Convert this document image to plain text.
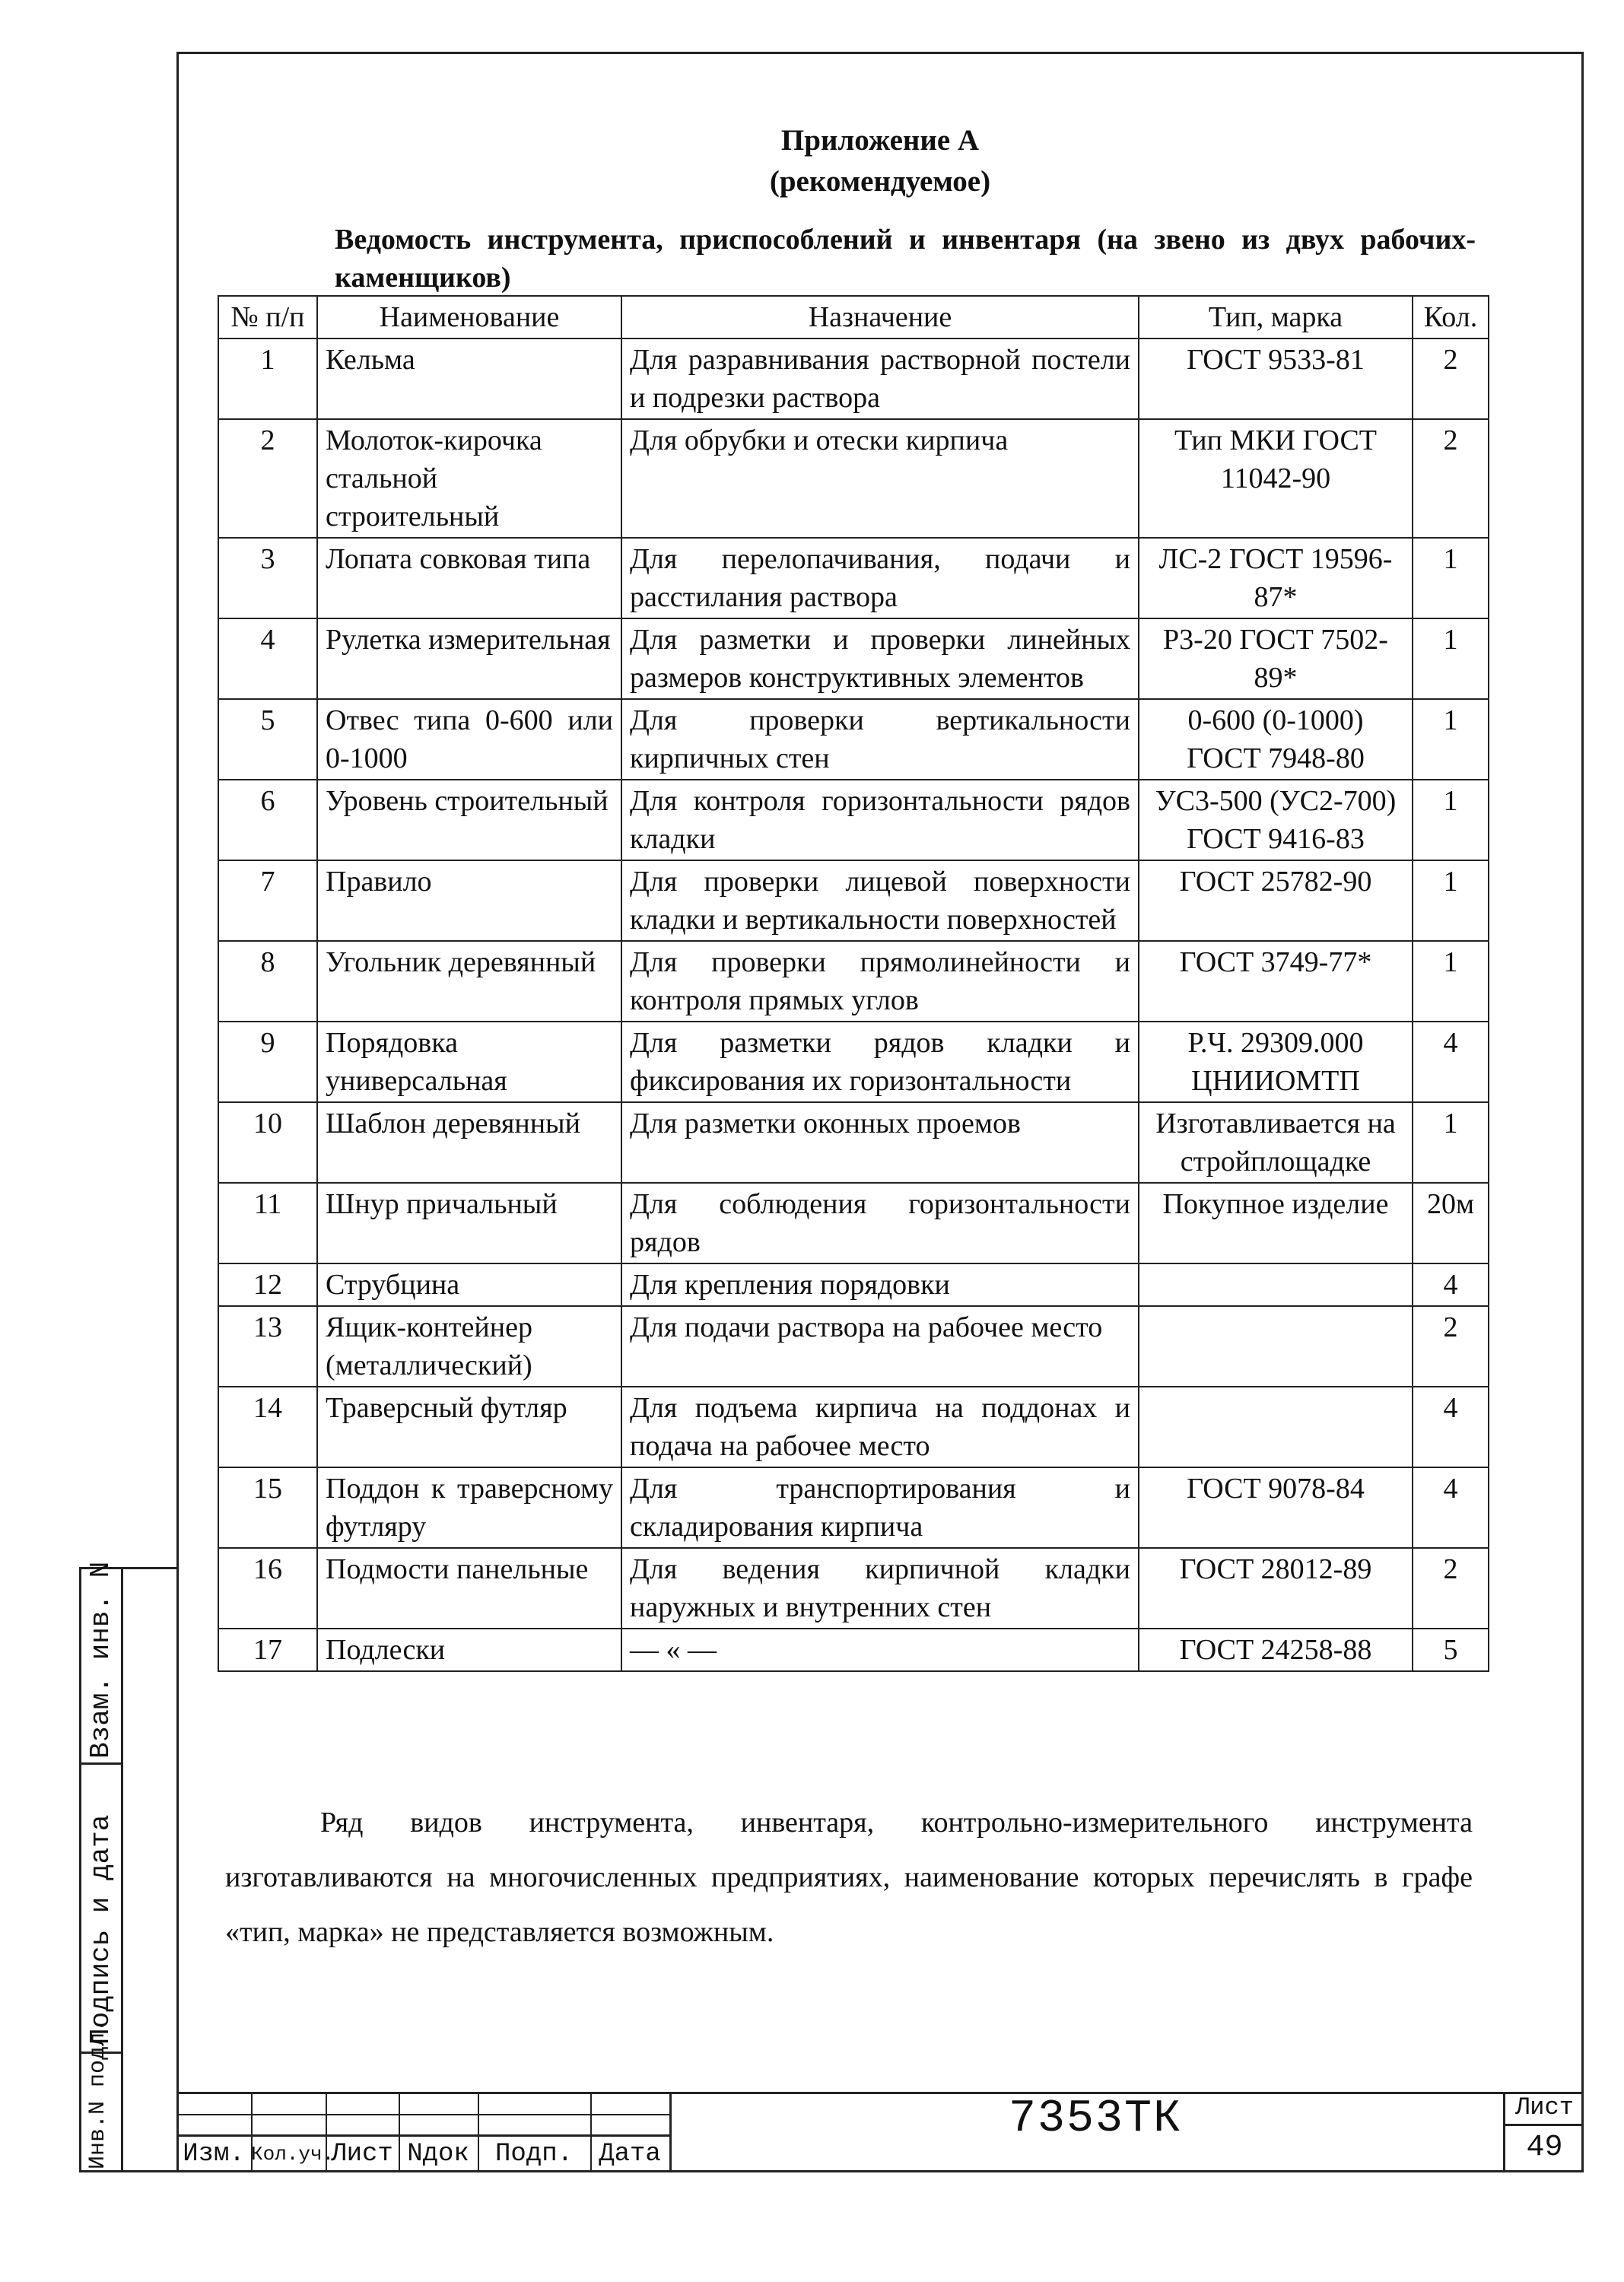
Приложение А
(рекомендуемое)
Ведомость инструмента, приспособлений и инвентаря (на звено из двух рабочих-каменщиков)
№ п/п	Наименование	Назначение	Тип, марка	Кол.
1	Кельма	Для разравнивания растворной постели и подрезки раствора	ГОСТ 9533-81	2
2	Молоток-кирочка стальной строительный	Для обрубки и отески кирпича	Тип МКИ ГОСТ 11042-90	2
3	Лопата совковая типа	Для перелопачивания, подачи и расстилания раствора	ЛС-2 ГОСТ 19596-87*	1
4	Рулетка измерительная	Для разметки и проверки линейных размеров конструктивных элементов	Р3-20 ГОСТ 7502-89*	1
5	Отвес типа 0-600 или 0-1000	Для проверки вертикальности кирпичных стен	0-600 (0-1000) ГОСТ 7948-80	1
6	Уровень строительный	Для контроля горизонтальности рядов кладки	УС3-500 (УС2-700) ГОСТ 9416-83	1
7	Правило	Для проверки лицевой поверхности кладки и вертикальности поверхностей	ГОСТ 25782-90	1
8	Угольник деревянный	Для проверки прямолинейности и контроля прямых углов	ГОСТ 3749-77*	1
9	Порядовка универсальная	Для разметки рядов кладки и фиксирования их горизонтальности	Р.Ч. 29309.000 ЦНИИОМТП	4
10	Шаблон деревянный	Для разметки оконных проемов	Изготавливается на стройплощадке	1
11	Шнур причальный	Для соблюдения горизонтальности рядов	Покупное изделие	20м
12	Струбцина	Для крепления порядовки		4
13	Ящик-контейнер (металлический)	Для подачи раствора на рабочее место		2
14	Траверсный футляр	Для подъема кирпича на поддонах и подача на рабочее место		4
15	Поддон к траверсному футляру	Для транспортирования и складирования кирпича	ГОСТ 9078-84	4
16	Подмости панельные	Для ведения кирпичной кладки наружных и внутренних стен	ГОСТ 28012-89	2
17	Подлески	— « —	ГОСТ 24258-88	5
Ряд видов инструмента, инвентаря, контрольно-измерительного инструмента изготавливаются на многочисленных предприятиях, наименование которых перечислять в графе «тип, марка» не представляется возможным.
Взам. инв. N
Подпись и дата
Инв.N подл.	Изм. Кол.уч.
Лист Nдок	Подп.	Дата
7353ТК	Лист
49
